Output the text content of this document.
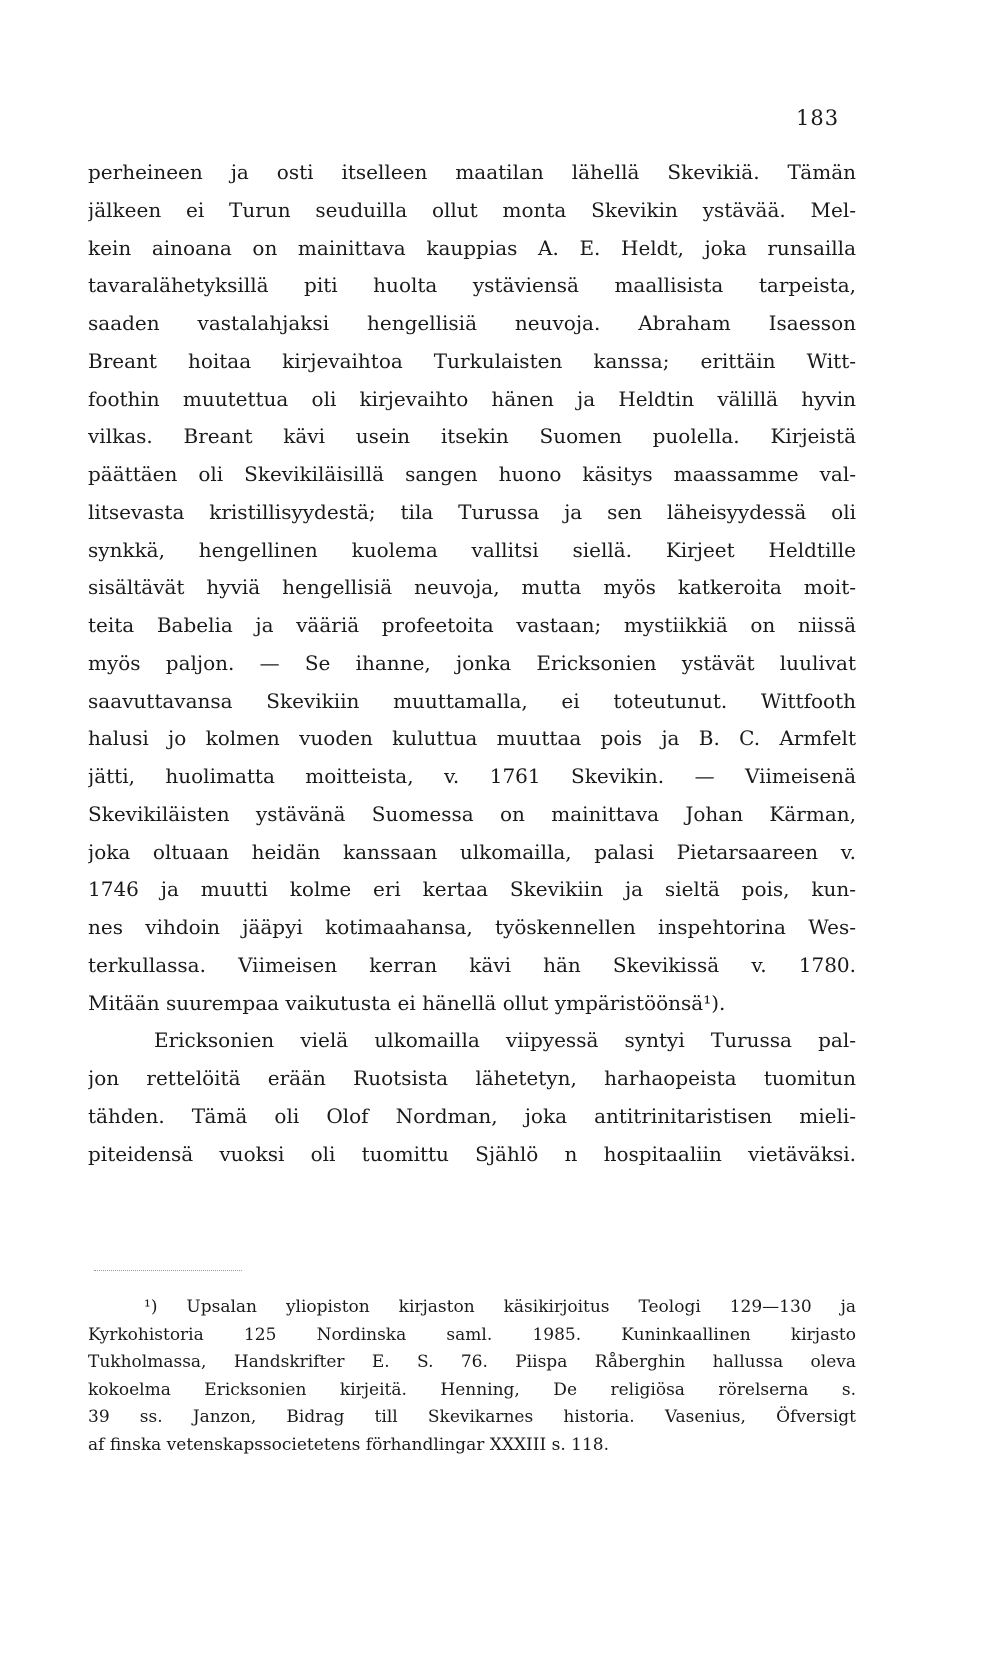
183
perheineen ja osti itselleen maatilan lähellä Skevikiä. Tämän
jälkeen ei Turun seuduilla ollut monta Skevikin ystävää. Mel-
kein ainoana on mainittava kauppias A. E. Heldt, joka runsailla
tavaralähetyksillä piti huolta ystäviensä maallisista tarpeista,
saaden vastalahjaksi hengellisiä neuvoja. Abraham Isaesson
Breant hoitaa kirjevaihtoa Turkulaisten kanssa; erittäin Witt-
foothin muutettua oli kirjevaihto hänen ja Heldtin välillä hyvin
vilkas. Breant kävi usein itsekin Suomen puolella. Kirjeistä
päättäen oli Skevikiläisillä sangen huono käsitys maassamme val-
litsevasta kristillisyydestä; tila Turussa ja sen läheisyydessä oli
synkkä, hengellinen kuolema vallitsi siellä. Kirjeet Heldtille
sisältävät hyviä hengellisiä neuvoja, mutta myös katkeroita moit-
teita Babelia ja vääriä profeetoita vastaan; mystiikkiä on niissä
myös paljon. — Se ihanne, jonka Ericksonien ystävät luulivat
saavuttavansa Skevikiin muuttamalla, ei toteutunut. Wittfooth
halusi jo kolmen vuoden kuluttua muuttaa pois ja B. C. Armfelt
jätti, huolimatta moitteista, v. 1761 Skevikin. — Viimeisenä
Skevikiläisten ystävänä Suomessa on mainittava Johan Kärman,
joka oltuaan heidän kanssaan ulkomailla, palasi Pietarsaareen v.
1746 ja muutti kolme eri kertaa Skevikiin ja sieltä pois, kun-
nes vihdoin jääpyi kotimaahansa, työskennellen inspehtorina Wes-
terkullassa. Viimeisen kerran kävi hän Skevikissä v. 1780.
Mitään suurempaa vaikutusta ei hänellä ollut ympäristöönsä¹).
Ericksonien vielä ulkomailla viipyessä syntyi Turussa pal-
jon rettelöitä erään Ruotsista lähetetyn, harhaopeista tuomitun
tähden. Tämä oli Olof Nordman, joka antitrinitaristisen mieli-
piteidensä vuoksi oli tuomittu Sjählö n hospitaaliin vietäväksi.
¹) Upsalan yliopiston kirjaston käsikirjoitus Teologi 129—130 ja
Kyrkohistoria 125 Nordinska saml. 1985. Kuninkaallinen kirjasto
Tukholmassa, Handskrifter E. S. 76. Piispa Råberghin hallussa oleva
kokoelma Ericksonien kirjeitä. Henning, De religiösa rörelserna s.
39 ss. Janzon, Bidrag till Skevikarnes historia. Vasenius, Öfversigt
af finska vetenskapssocietetens förhandlingar XXXIII s. 118.
